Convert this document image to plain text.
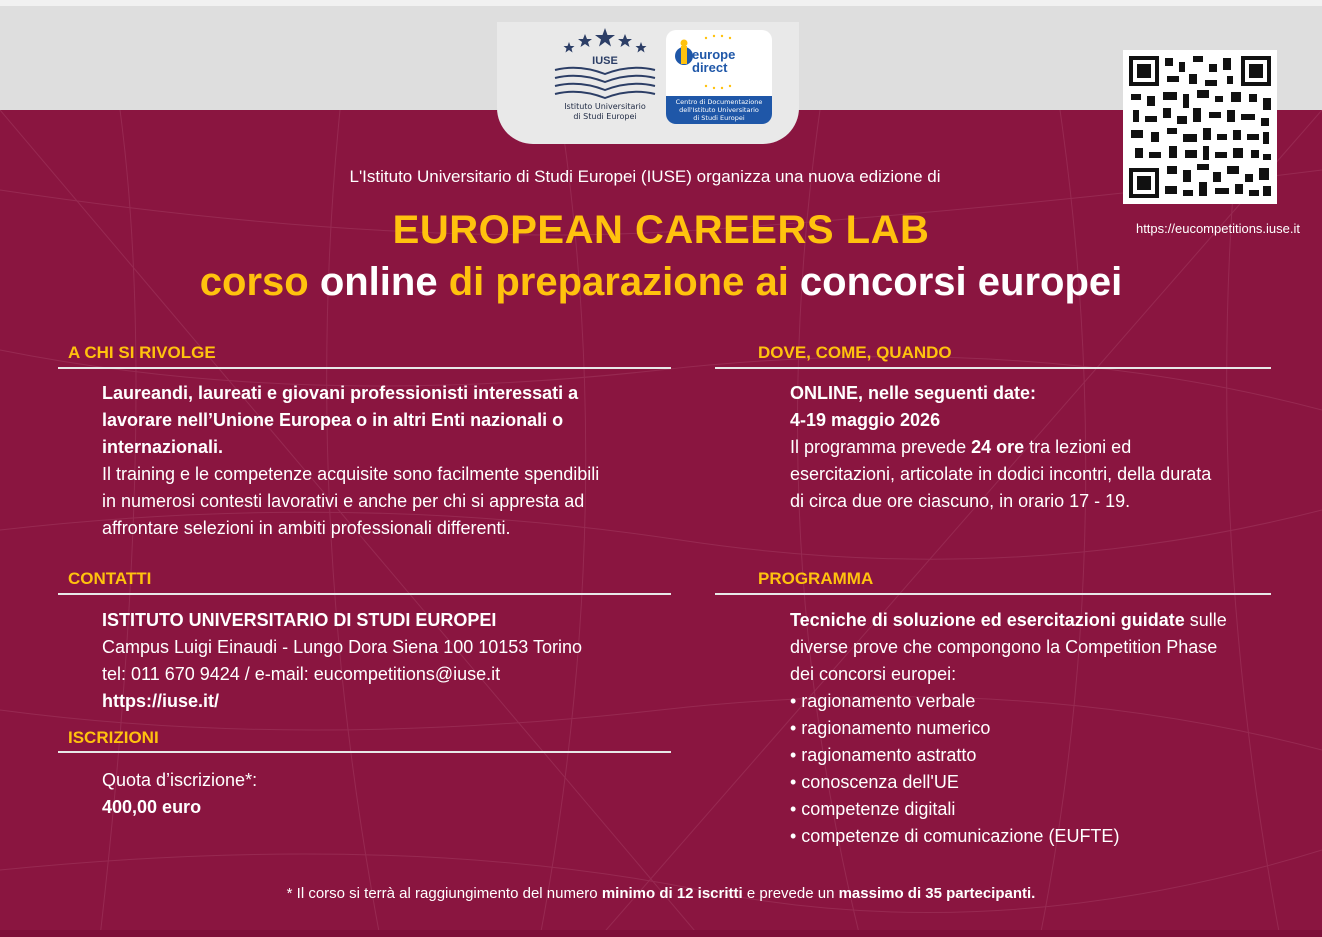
IUSE
Istituto Universitario
di Studi Europei
europe
direct
Centro di Documentazione
dell'Istituto Universitario
di Studi Europei
https://eucompetitions.iuse.it
L'Istituto Universitario di Studi Europei (IUSE) organizza una nuova edizione di
EUROPEAN CAREERS LAB
corso online di preparazione ai concorsi europei
A CHI SI RIVOLGE
Laureandi, laureati e giovani professionisti interessati a
lavorare nell’Unione Europea o in altri Enti nazionali o
internazionali.
Il training e le competenze acquisite sono facilmente spendibili
in numerosi contesti lavorativi e anche per chi si appresta ad
affrontare selezioni in ambiti professionali differenti.
DOVE, COME, QUANDO
ONLINE, nelle seguenti date:
4-19 maggio 2026
Il programma prevede 24 ore tra lezioni ed
esercitazioni, articolate in dodici incontri, della durata
di circa due ore ciascuno, in orario 17 - 19.
CONTATTI
ISTITUTO UNIVERSITARIO DI STUDI EUROPEI
Campus Luigi Einaudi - Lungo Dora Siena 100 10153 Torino
tel: 011 670 9424 / e-mail: eucompetitions@iuse.it
https://iuse.it/
ISCRIZIONI
Quota d’iscrizione*:
400,00 euro
PROGRAMMA
Tecniche di soluzione ed esercitazioni guidate sulle
diverse prove che compongono la Competition Phase
dei concorsi europei:
• ragionamento verbale
• ragionamento numerico
• ragionamento astratto
• conoscenza dell'UE
• competenze digitali
• competenze di comunicazione (EUFTE)
* Il corso si terrà al raggiungimento del numero minimo di 12 iscritti e prevede un massimo di 35 partecipanti.
